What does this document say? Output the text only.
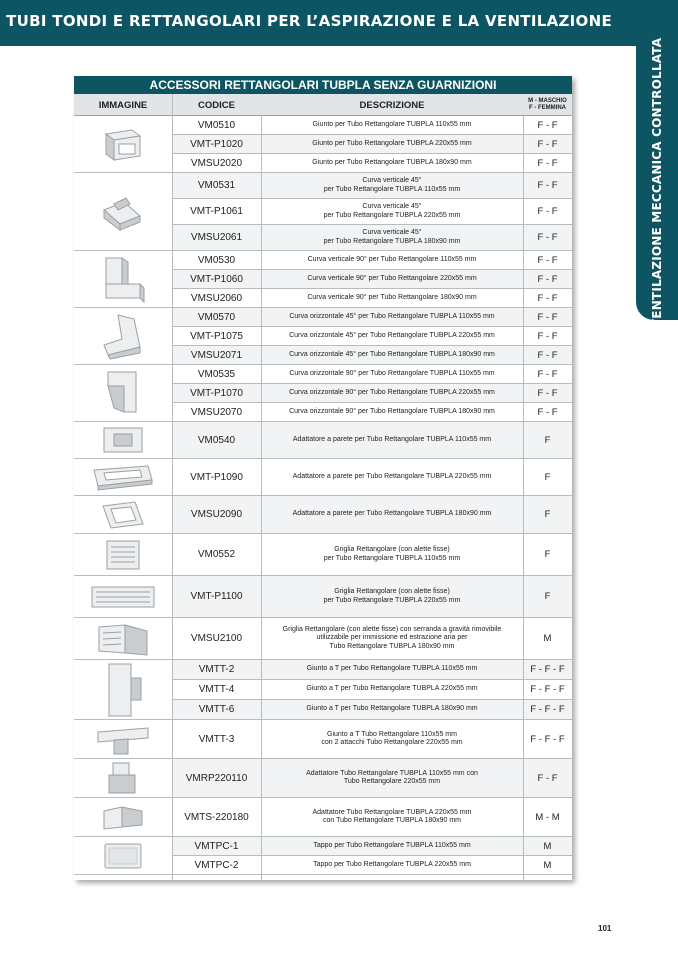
TUBI TONDI E RETTANGOLARI PER L’ASPIRAZIONE E LA VENTILAZIONE
VENTILAZIONE MECCANICA CONTROLLATA
ACCESSORI RETTANGOLARI TUBPLA SENZA GUARNIZIONI
IMMAGINE	CODICE	DESCRIZIONE	M - MASCHIO
F - FEMMINA
VM0510	Giunto per Tubo Rettangolare TUBPLA 110x55 mm	F - F
VMT-P1020	Giunto per Tubo Rettangolare TUBPLA 220x55 mm	F - F
VMSU2020	Giunto per Tubo Rettangolare TUBPLA 180x90 mm	F - F
VM0531	Curva verticale 45°
per Tubo Rettangolare TUBPLA 110x55 mm	F - F
VMT-P1061	Curva verticale 45°
per Tubo Rettangolare TUBPLA 220x55 mm	F - F
VMSU2061	Curva verticale 45°
per Tubo Rettangolare TUBPLA 180x90 mm	F - F
VM0530	Curva verticale 90° per Tubo Rettangolare 110x55 mm	F - F
VMT-P1060	Curva verticale 90° per Tubo Rettangolare 220x55 mm	F - F
VMSU2060	Curva verticale 90° per Tubo Rettangolare 180x90 mm	F - F
VM0570	Curva orizzontale 45° per Tubo Rettangolare TUBPLA 110x55 mm	F - F
VMT-P1075	Curva orizzontale 45° per Tubo Rettangolare TUBPLA 220x55 mm	F - F
VMSU2071	Curva orizzontale 45° per Tubo Rettangolare TUBPLA 180x90 mm	F - F
VM0535	Curva orizzontale 90° per Tubo Rettangolare TUBPLA 110x55 mm	F - F
VMT-P1070	Curva orizzontale 90° per Tubo Rettangolare TUBPLA 220x55 mm	F - F
VMSU2070	Curva orizzontale 90° per Tubo Rettangolare TUBPLA 180x90 mm	F - F
VM0540	Adattatore a parete per Tubo Rettangolare TUBPLA 110x55 mm	F
VMT-P1090	Adattatore a parete per Tubo Rettangolare TUBPLA 220x55 mm	F
VMSU2090	Adattatore a parete per Tubo Rettangolare TUBPLA 180x90 mm	F
VM0552	Griglia Rettangolare (con alette fisse)
per Tubo Rettangolare TUBPLA 110x55 mm	F
VMT-P1100	Griglia Rettangolare (con alette fisse)
per Tubo Rettangolare TUBPLA 220x55 mm	F
VMSU2100
Griglia Rettangolare (con alette fisse) con serranda a gravità rimovibile
utilizzabile per immissione ed estrazione aria per
Tubo Rettangolare TUBPLA 180x90 mm
M
VMTT-2	Giunto a T per Tubo Rettangolare TUBPLA 110x55 mm	F - F - F
VMTT-4	Giunto a T per Tubo Rettangolare TUBPLA 220x55 mm	F - F - F
VMTT-6	Giunto a T per Tubo Rettangolare TUBPLA 180x90 mm	F - F - F
VMTT-3	Giunto a T Tubo Rettangolare 110x55 mm
con 2 attacchi Tubo Rettangolare 220x55 mm	F - F - F
VMRP220110	Adattatore Tubo Rettangolare TUBPLA 110x55 mm con
Tubo Rettangolare 220x55 mm	F - F
VMTS-220180	Adattatore Tubo Rettangolare TUBPLA 220x55 mm
con Tubo Rettangolare TUBPLA 180x90 mm	M - M
VMTPC-1	Tappo per Tubo Rettangolare TUBPLA 110x55 mm	M
VMTPC-2	Tappo per Tubo Rettangolare TUBPLA 220x55 mm	M
101
